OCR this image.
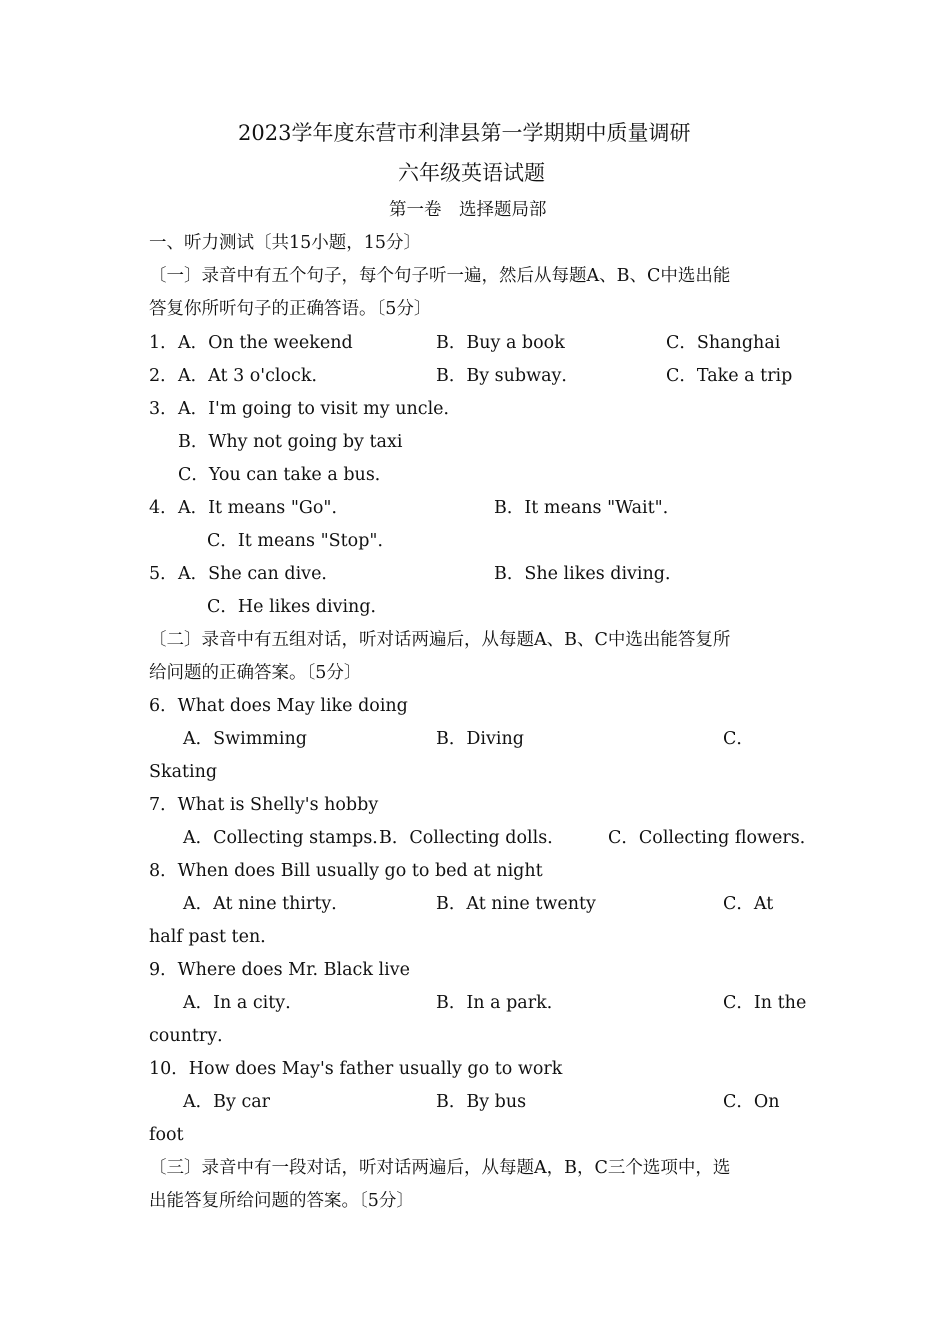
2023学年度东营市利津县第一学期期中质量调研
六年级英语试题
第一卷　选择题局部
一、听力测试〔共15小题，15分〕
〔一〕录音中有五个句子，每个句子听一遍，然后从每题A、B、C中选出能
答复你所听句子的正确答语。〔5分〕
1． A．On the weekend	B．Buy a book	C．Shanghai
2． A．At 3 o'clock．	B．By subway．	C．Take a trip
3． A．I'm going to visit my uncle．
B．Why not going by taxi
C．You can take a bus．
4． A．It means "Go"．	B．It means "Wait"．
C．It means "Stop"．
5． A．She can dive．	B．She likes diving．
C．He likes diving．
〔二〕录音中有五组对话，听对话两遍后，从每题A、B、C中选出能答复所
给问题的正确答案。〔5分〕
6．What does May like doing
A．Swimming	B．Diving	C．
Skating
7．What is Shelly's hobby
A．Collecting stamps．
B．Collecting dolls． C．Collecting flowers．
8．When does Bill usually go to bed at night
A．At nine thirty．	B．At nine twenty	C．At
half past ten．
9．Where does Mr. Black live
A．In a city．	B．In a park．	C．In the
country．
10．How does May's father usually go to work
A．By car	B．By bus	C．On
foot
〔三〕录音中有一段对话，听对话两遍后，从每题A，B，C三个选项中，选
出能答复所给问题的答案。〔5分〕
